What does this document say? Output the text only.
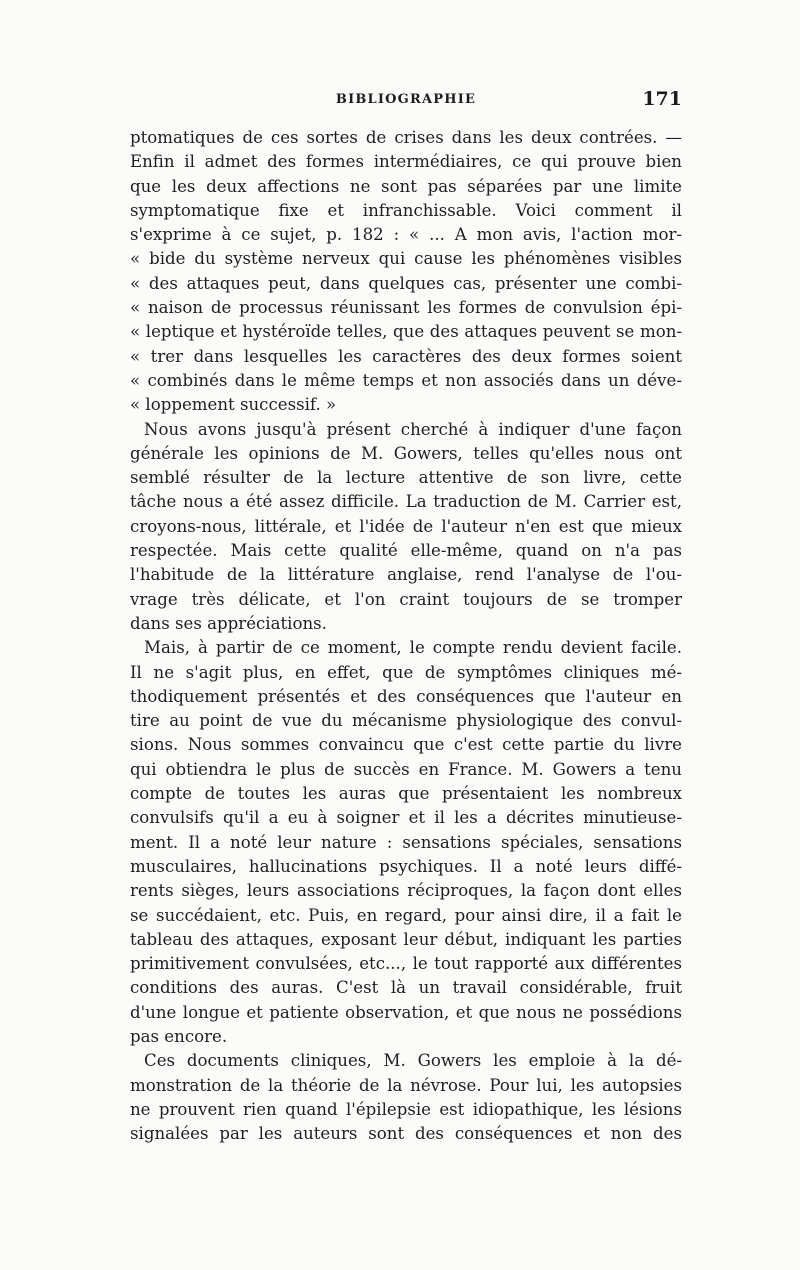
BIBLIOGRAPHIE	171
ptomatiques de ces sortes de crises dans les deux contrées. —
Enfin il admet des formes intermédiaires, ce qui prouve bien
que les deux affections ne sont pas séparées par une limite
symptomatique fixe et infranchissable. Voici comment il
s'exprime à ce sujet, p. 182 : « ... A mon avis, l'action mor-
« bide du système nerveux qui cause les phénomènes visibles
« des attaques peut, dans quelques cas, présenter une combi-
« naison de processus réunissant les formes de convulsion épi-
« leptique et hystéroïde telles, que des attaques peuvent se mon-
« trer dans lesquelles les caractères des deux formes soient
« combinés dans le même temps et non associés dans un déve-
« loppement successif. »
Nous avons jusqu'à présent cherché à indiquer d'une façon
générale les opinions de M. Gowers, telles qu'elles nous ont
semblé résulter de la lecture attentive de son livre, cette
tâche nous a été assez difficile. La traduction de M. Carrier est,
croyons-nous, littérale, et l'idée de l'auteur n'en est que mieux
respectée. Mais cette qualité elle-même, quand on n'a pas
l'habitude de la littérature anglaise, rend l'analyse de l'ou-
vrage très délicate, et l'on craint toujours de se tromper
dans ses appréciations.
Mais, à partir de ce moment, le compte rendu devient facile.
Il ne s'agit plus, en effet, que de symptômes cliniques mé-
thodiquement présentés et des conséquences que l'auteur en
tire au point de vue du mécanisme physiologique des convul-
sions. Nous sommes convaincu que c'est cette partie du livre
qui obtiendra le plus de succès en France. M. Gowers a tenu
compte de toutes les auras que présentaient les nombreux
convulsifs qu'il a eu à soigner et il les a décrites minutieuse-
ment. Il a noté leur nature : sensations spéciales, sensations
musculaires, hallucinations psychiques. Il a noté leurs diffé-
rents sièges, leurs associations réciproques, la façon dont elles
se succédaient, etc. Puis, en regard, pour ainsi dire, il a fait le
tableau des attaques, exposant leur début, indiquant les parties
primitivement convulsées, etc..., le tout rapporté aux différentes
conditions des auras. C'est là un travail considérable, fruit
d'une longue et patiente observation, et que nous ne possédions
pas encore.
Ces documents cliniques, M. Gowers les emploie à la dé-
monstration de la théorie de la névrose. Pour lui, les autopsies
ne prouvent rien quand l'épilepsie est idiopathique, les lésions
signalées par les auteurs sont des conséquences et non des
